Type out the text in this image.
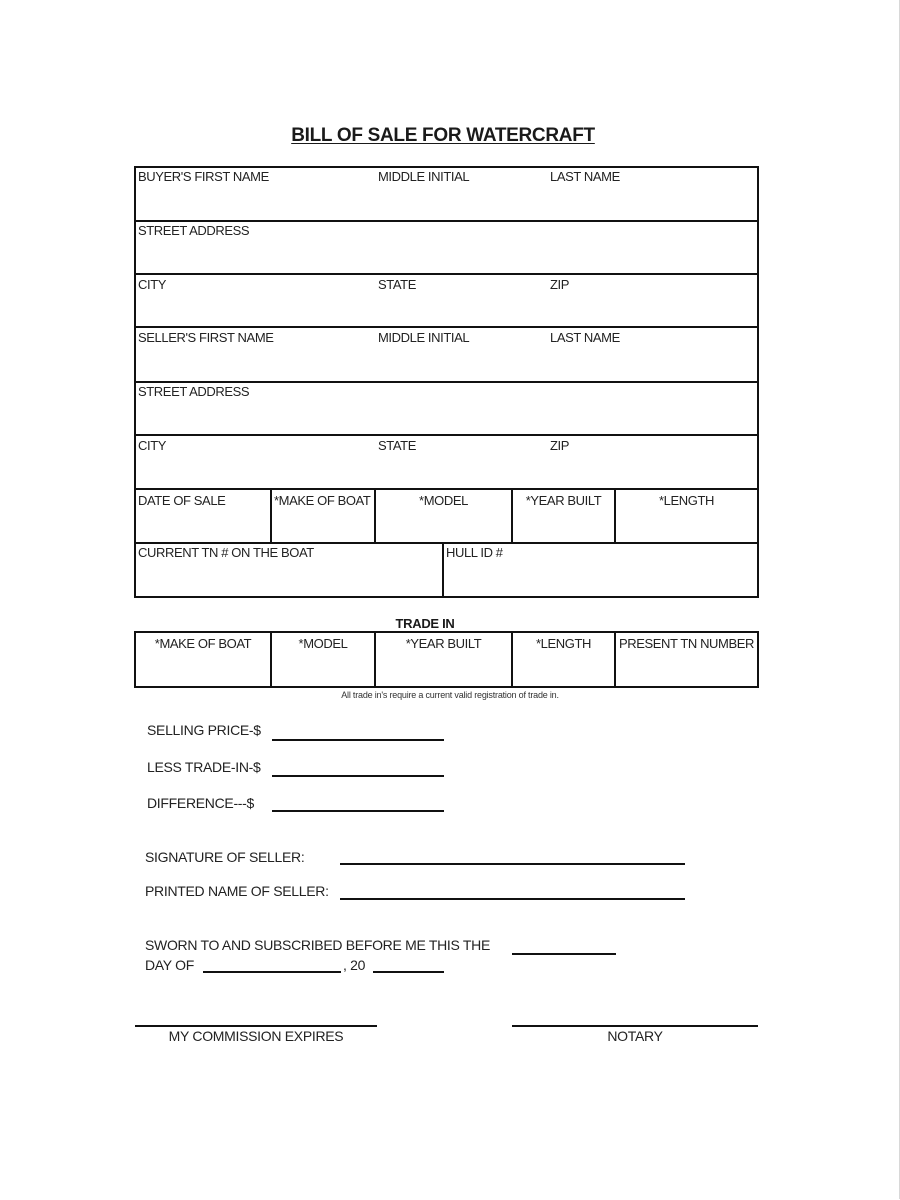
BILL OF SALE FOR WATERCRAFT
BUYER'S FIRST NAME	MIDDLE INITIAL	LAST NAME
STREET ADDRESS
CITY	STATE	ZIP
SELLER'S FIRST NAME	MIDDLE INITIAL	LAST NAME
STREET ADDRESS
CITY	STATE	ZIP
DATE OF SALE	*MAKE OF BOAT	*MODEL	*YEAR BUILT	*LENGTH
CURRENT TN # ON THE BOAT	HULL ID #
TRADE IN
*MAKE OF BOAT	*MODEL	*YEAR BUILT	*LENGTH	PRESENT TN NUMBER
All trade in's require a current valid registration of trade in.
SELLING PRICE-$
LESS TRADE-IN-$
DIFFERENCE---$
SIGNATURE OF SELLER:
PRINTED NAME OF SELLER:
SWORN TO AND SUBSCRIBED BEFORE ME THIS THE
DAY OF	, 20
MY COMMISSION EXPIRES	NOTARY
